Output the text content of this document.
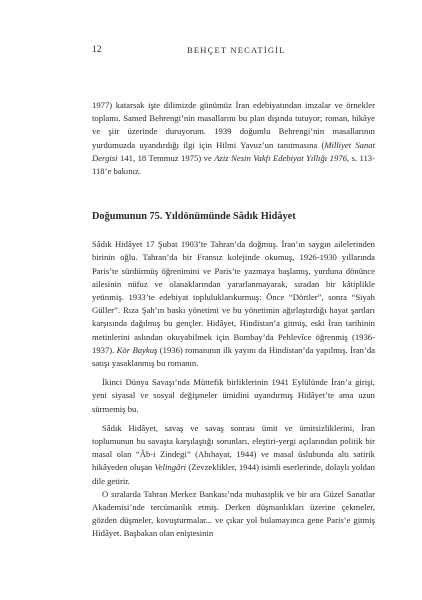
12	BEHÇET NECATİGİL

1977) katarsak işte dilimizde günümüz İran edebiyatından imzalar ve örnekler toplamı. Samed Behrengi’nin masallarını bu plan dışında tutuyor; roman, hikâye ve şiir üzerinde duruyorum. 1939 doğumlu Behrengi’nin masallarının yurdumuzda uyandırdığı ilgi için Hilmi Yavuz’un tanıtmasına (Milliyet Sanat Dergisi 141, 18 Temmuz 1975) ve Aziz Nesin Vakfı Edebiyat Yıllığı 1976, s. 113-118’e bakınız.

Doğumunun 75. Yıldönümünde Sâdık Hidâyet

Sâdık Hidâyet 17 Şubat 1903’te Tahran’da doğmuş. İran’ın saygın ailelerinden birinin oğlu. Tahran’da bir Fransız kolejinde okumuş, 1926-1930 yıllarında Paris’te sürdürmüş öğrenimini ve Paris’te yazmaya başlamış, yurduna dönünce ailesinin nüfuz ve olanaklarından yararlanmayarak, sıradan bir kâtiplikle yetinmiş. 1933’te edebiyat topluluklarıkurmuş: Önce “Dörtler”, sonra “Siyah Güller”. Rıza Şah’ın baskı yönetimi ve bu yönetimin ağırlaştırdığı hayat şartları karşısında dağılmış bu gençler. Hidâyet, Hindistan’a gitmiş, eski İran tarihinin metinlerini aslından okuyabilmek için Bombay’da Pehlevîce öğrenmiş (1936-1937). Kör Baykuş (1936) romanının ilk yayını da Hindistan’da yapılmış. İran’da satışı yasaklanmış bu romanın.

İkinci Dünya Savaşı’nda Müttefik birliklerinin 1941 Eylülünde İran’a girişi, yeni siyasal ve sosyal değişmeler ümidini uyandırmış Hidâyet’te ama uzun sürmemiş bu.

Sâdık Hidâyet, savaş ve savaş sonrası ümit ve ümitsizliklerini, İran toplumunun bu savaşta karşılaştığı sorunları, eleştiri-yergi açılarından politik bir masal olan “Âb-i Zindegi” (Abıhayat, 1944) ve masal üslubunda altı satirik hikâyeden oluşan Velingâri (Zevzeklikler, 1944) isimli eserlerinde, dolaylı yoldan dile getirir.

O sıralarda Tahran Merkez Bankası’nda muhasiplik ve bir ara Güzel Sanatlar Akademisi’nde tercümanlık etmiş. Derken düşmanlıkları üzerine çekmeler, gözden düşmeler, kovuşturmalar... ve çıkar yol bulamayınca gene Paris’e gitmiş Hidâyet. Başbakan olan eniştesinin
